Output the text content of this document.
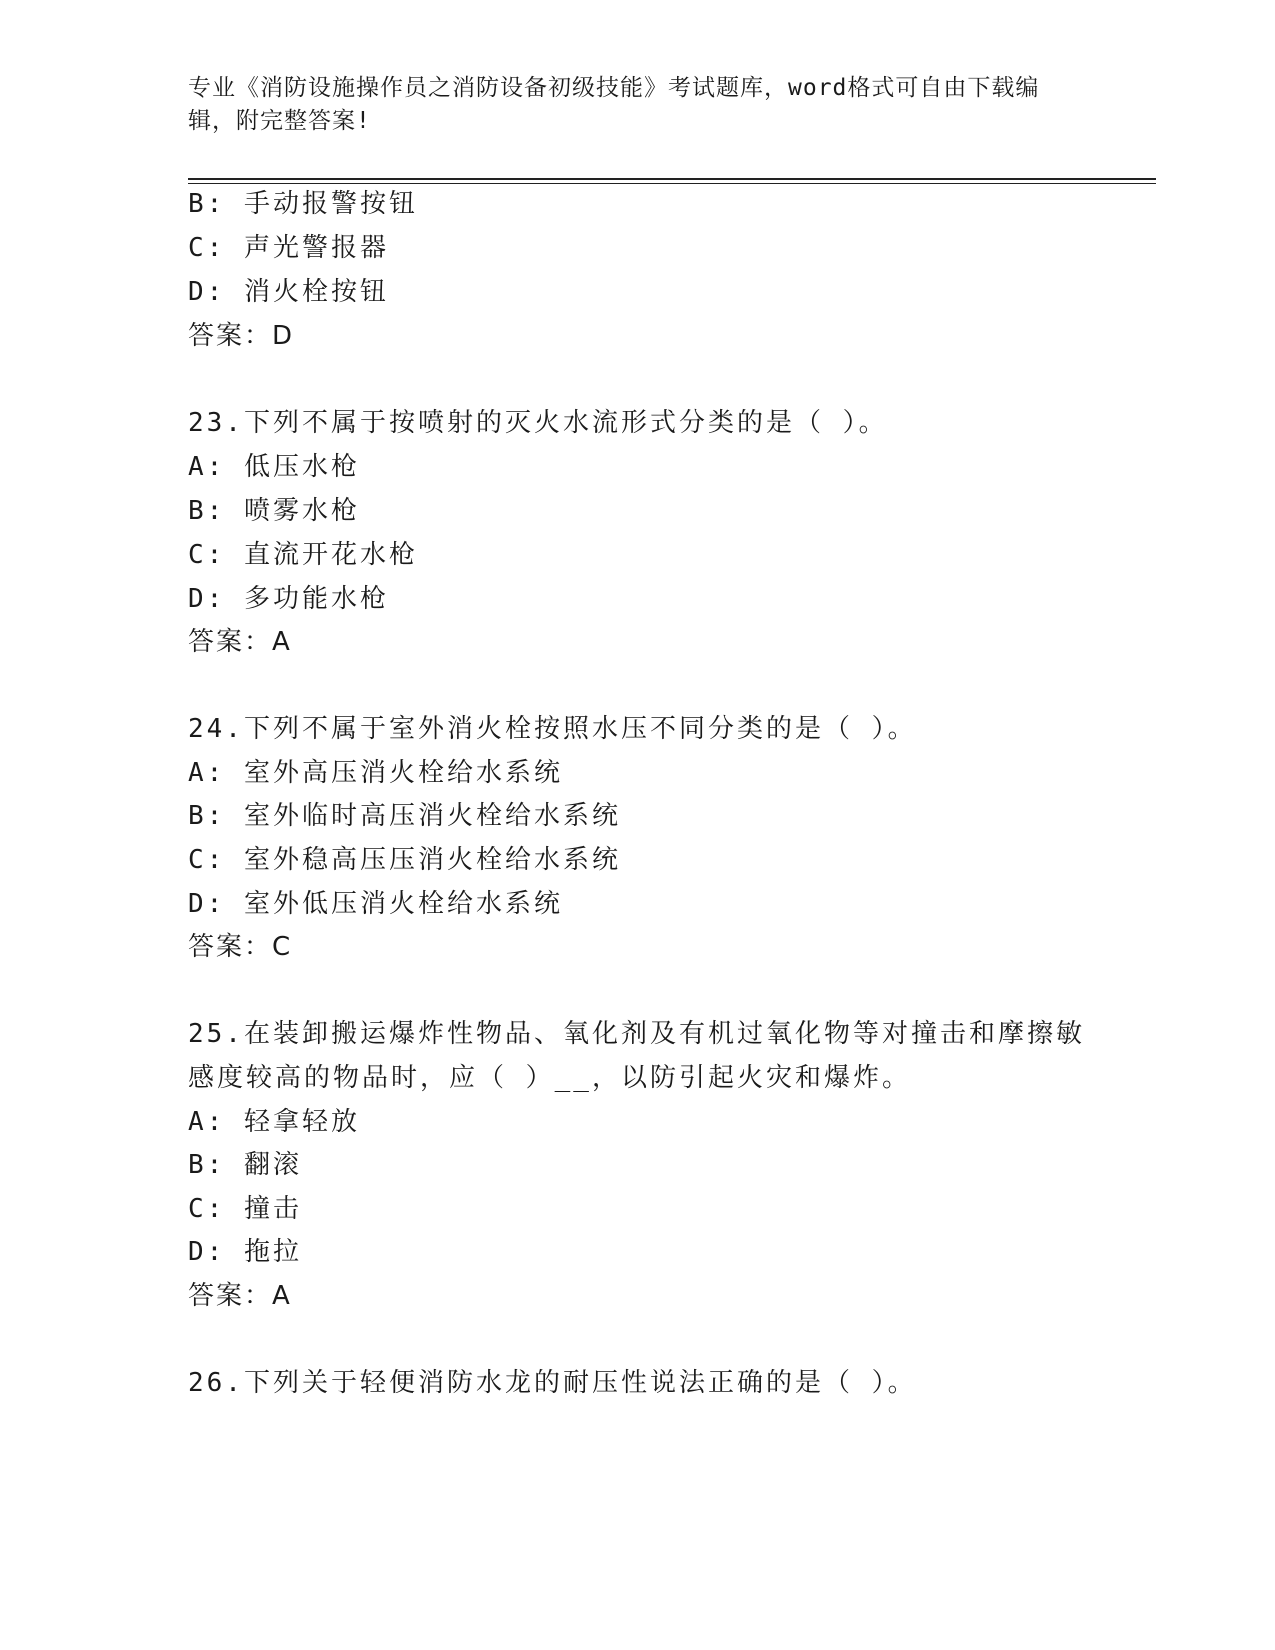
专业《消防设施操作员之消防设备初级技能》考试题库，word格式可自由下载编
辑，附完整答案!
B: 手动报警按钮
C: 声光警报器
D: 消火栓按钮
答案：D
23.下列不属于按喷射的灭火水流形式分类的是（ ）。
A: 低压水枪
B: 喷雾水枪
C: 直流开花水枪
D: 多功能水枪
答案：A
24.下列不属于室外消火栓按照水压不同分类的是（ ）。
A: 室外高压消火栓给水系统
B: 室外临时高压消火栓给水系统
C: 室外稳高压压消火栓给水系统
D: 室外低压消火栓给水系统
答案：C
25.在装卸搬运爆炸性物品、氧化剂及有机过氧化物等对撞击和摩擦敏
感度较高的物品时，应（ ）__，以防引起火灾和爆炸。
A: 轻拿轻放
B: 翻滚
C: 撞击
D: 拖拉
答案：A
26.下列关于轻便消防水龙的耐压性说法正确的是（ ）。
